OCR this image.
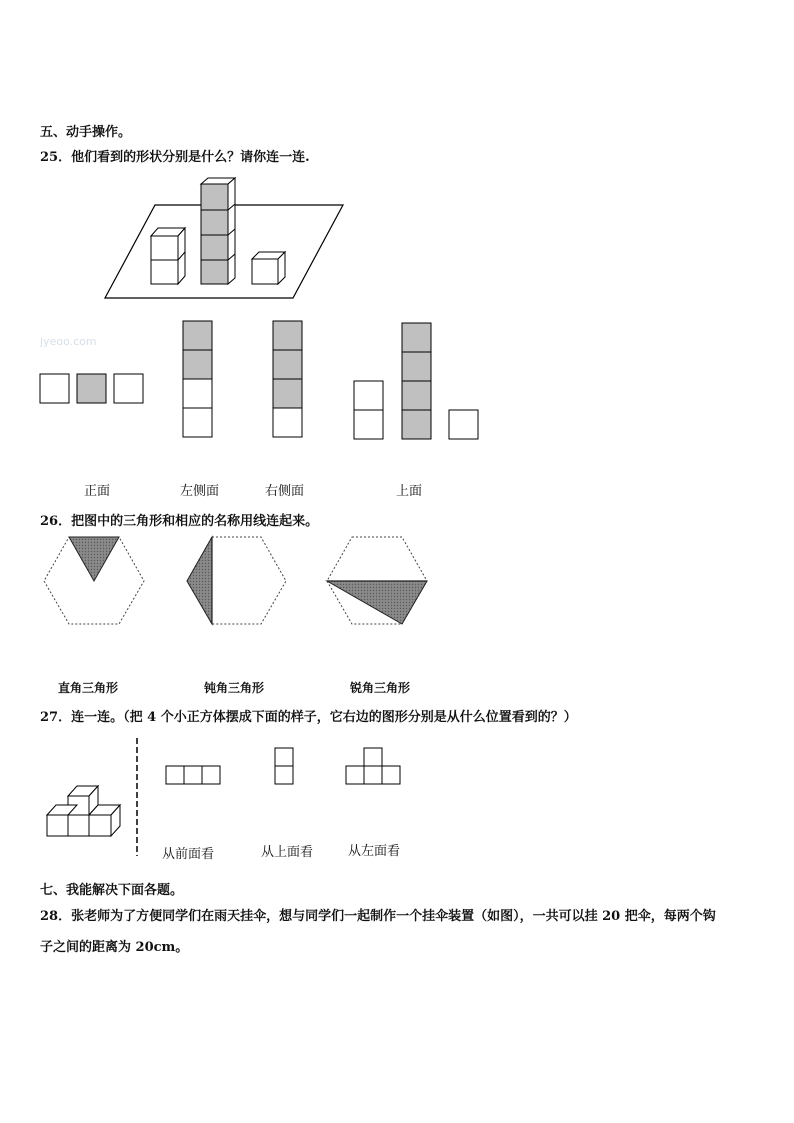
五、动手操作。
25．他们看到的形状分别是什么？请你连一连.
jyeoo.com
正面	左侧面	右侧面	上面
26．把图中的三角形和相应的名称用线连起来。
直角三角形	钝角三角形	锐角三角形
27．连一连。（把 4 个小正方体摆成下面的样子，它右边的图形分别是从什么位置看到的？）
从前面看	从上面看	从左面看
七、我能解决下面各题。
28．张老师为了方便同学们在雨天挂伞，想与同学们一起制作一个挂伞装置（如图），一共可以挂 20 把伞，每两个钩
子之间的距离为 20cm。
